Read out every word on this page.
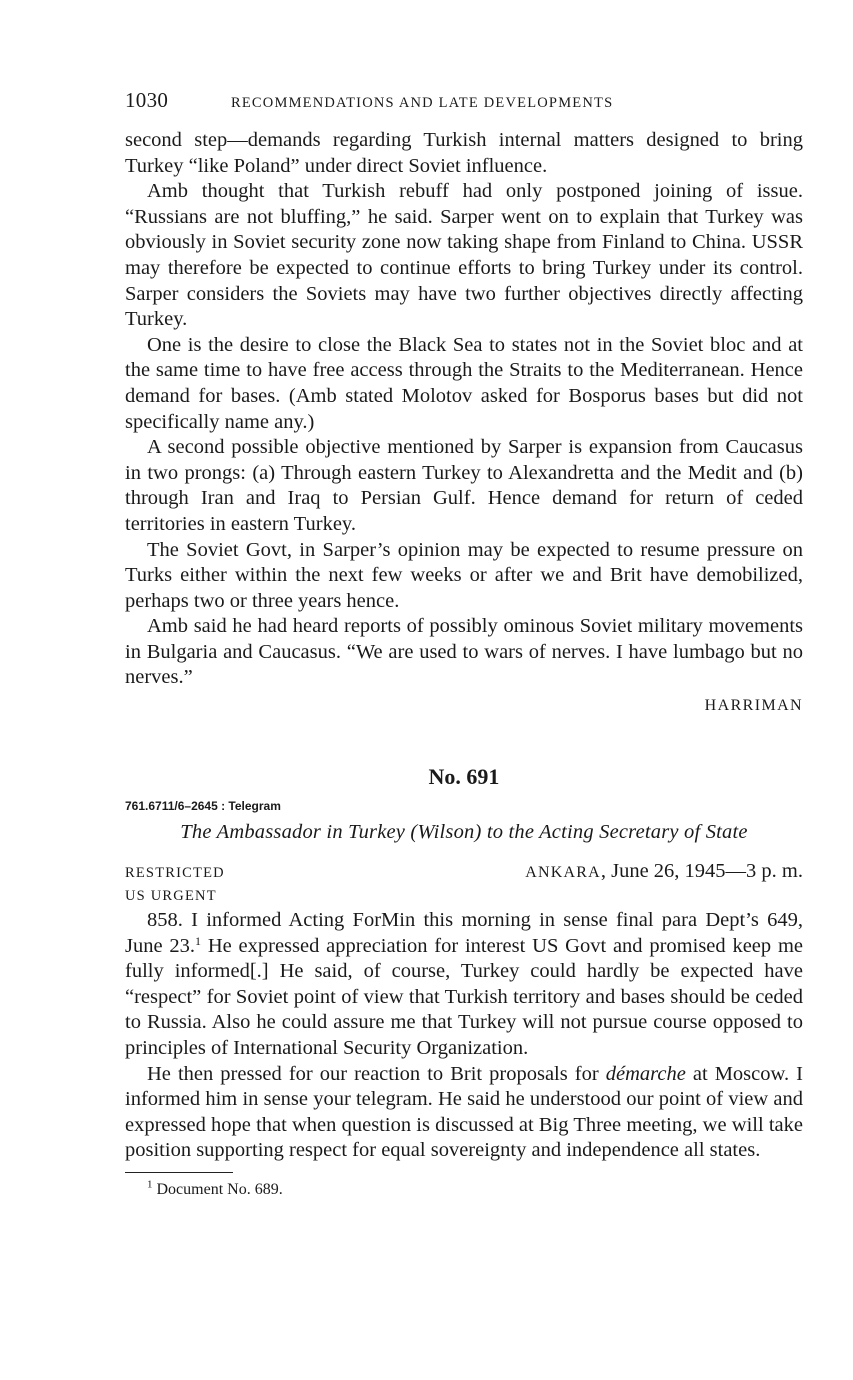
1030	RECOMMENDATIONS AND LATE DEVELOPMENTS

second step—demands regarding Turkish internal matters designed to bring Turkey “like Poland” under direct Soviet influence.

Amb thought that Turkish rebuff had only postponed joining of issue. “Russians are not bluffing,” he said. Sarper went on to explain that Turkey was obviously in Soviet security zone now taking shape from Finland to China. USSR may therefore be expected to continue efforts to bring Turkey under its control. Sarper considers the Soviets may have two further objectives directly affecting Turkey.

One is the desire to close the Black Sea to states not in the Soviet bloc and at the same time to have free access through the Straits to the Mediterranean. Hence demand for bases. (Amb stated Molotov asked for Bosporus bases but did not specifically name any.)

A second possible objective mentioned by Sarper is expansion from Caucasus in two prongs: (a) Through eastern Turkey to Alexandretta and the Medit and (b) through Iran and Iraq to Persian Gulf. Hence demand for return of ceded territories in eastern Turkey.

The Soviet Govt, in Sarper’s opinion may be expected to resume pressure on Turks either within the next few weeks or after we and Brit have demobilized, perhaps two or three years hence.

Amb said he had heard reports of possibly ominous Soviet military movements in Bulgaria and Caucasus. “We are used to wars of nerves. I have lumbago but no nerves.”

HARRIMAN
No. 691
761.6711/6–2645 : Telegram
The Ambassador in Turkey (Wilson) to the Acting Secretary of State
RESTRICTED	ANKARA, June 26, 1945—3 p. m.
US URGENT

858. I informed Acting ForMin this morning in sense final para Dept’s 649, June 23.$^1$ He expressed appreciation for interest US Govt and promised keep me fully informed[.] He said, of course, Turkey could hardly be expected have “respect” for Soviet point of view that Turkish territory and bases should be ceded to Russia. Also he could assure me that Turkey will not pursue course opposed to principles of International Security Organization.

He then pressed for our reaction to Brit proposals for démarche at Moscow. I informed him in sense your telegram. He said he understood our point of view and expressed hope that when question is discussed at Big Three meeting, we will take position supporting respect for equal sovereignty and independence all states.

$^1$ Document No. 689.
